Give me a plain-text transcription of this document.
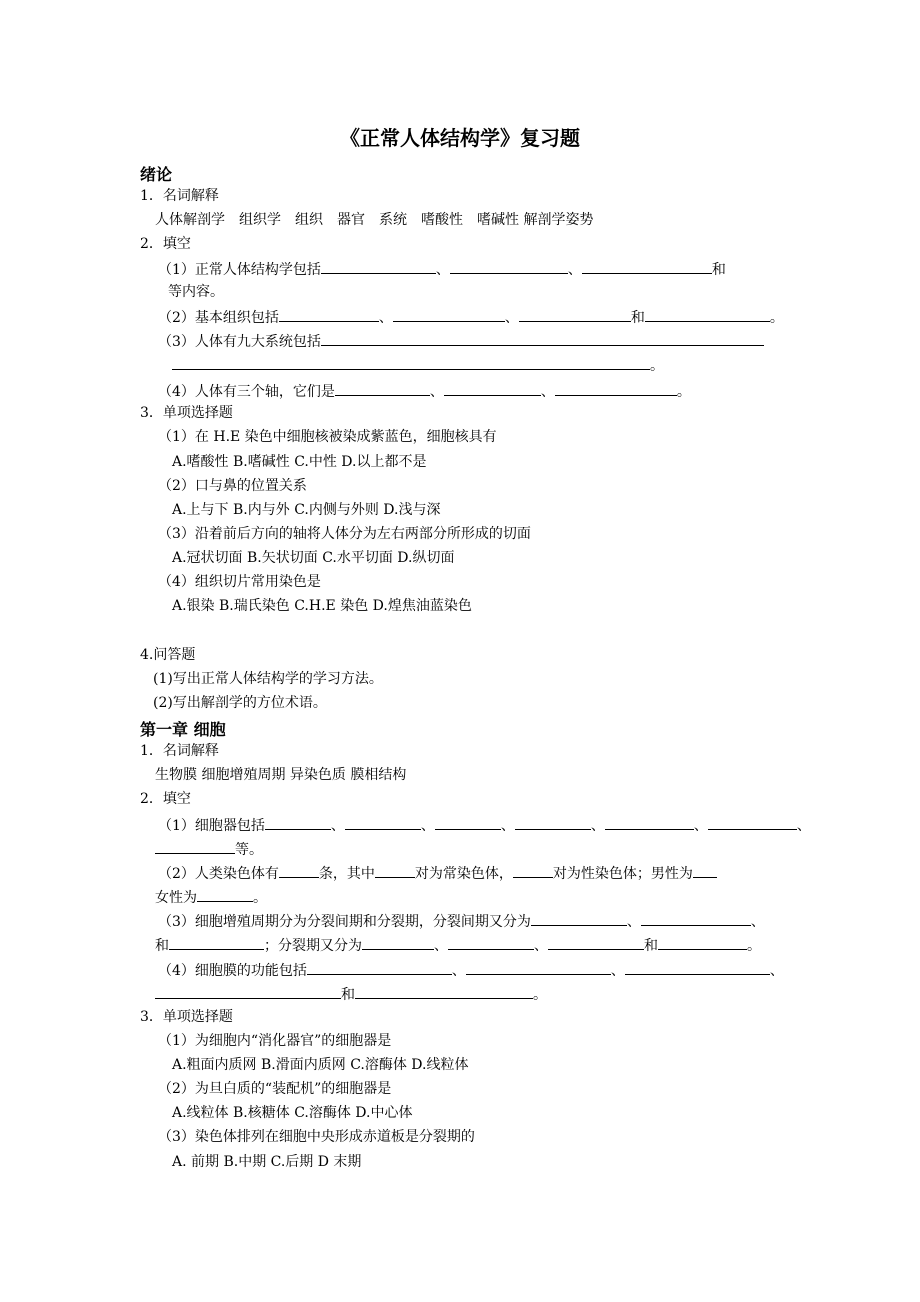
《正常人体结构学》复习题
绪论
1．名词解释
人体解剖学　组织学　组织　器官　系统　嗜酸性　嗜碱性 解剖学姿势
2．填空
（1）正常人体结构学包括	、	、	和
等内容。
（2）基本组织包括	、	、	和	。
（3）人体有九大系统包括
。
（4）人体有三个轴，它们是	、	、	。
3．单项选择题
（1）在 H.E 染色中细胞核被染成紫蓝色，细胞核具有
A.嗜酸性 B.嗜碱性 C.中性 D.以上都不是
（2）口与鼻的位置关系
A.上与下 B.内与外 C.内侧与外则 D.浅与深
（3）沿着前后方向的轴将人体分为左右两部分所形成的切面
A.冠状切面 B.矢状切面 C.水平切面 D.纵切面
（4）组织切片常用染色是
A.银染 B.瑞氏染色 C.H.E 染色 D.煌焦油蓝染色
4.问答题
(1)写出正常人体结构学的学习方法。
(2)写出解剖学的方位术语。
第一章 细胞
1．名词解释
生物膜 细胞增殖周期 异染色质 膜相结构
2．填空
（1）细胞器包括	、	、	、	、	、	、
等。
（2）人类染色体有	条，其中	对为常染色体，	对为性染色体；男性为
女性为	。
（3）细胞增殖周期分为分裂间期和分裂期，分裂间期又分为	、	、
和	；分裂期又分为	、	、	和	。
（4）细胞膜的功能包括	、	、	、
和	。
3．单项选择题
（1）为细胞内“消化器官”的细胞器是
A.粗面内质网 B.滑面内质网 C.溶酶体 D.线粒体
（2）为旦白质的“装配机”的细胞器是
A.线粒体 B.核糖体 C.溶酶体 D.中心体
（3）染色体排列在细胞中央形成赤道板是分裂期的
A. 前期 B.中期 C.后期 D 末期
